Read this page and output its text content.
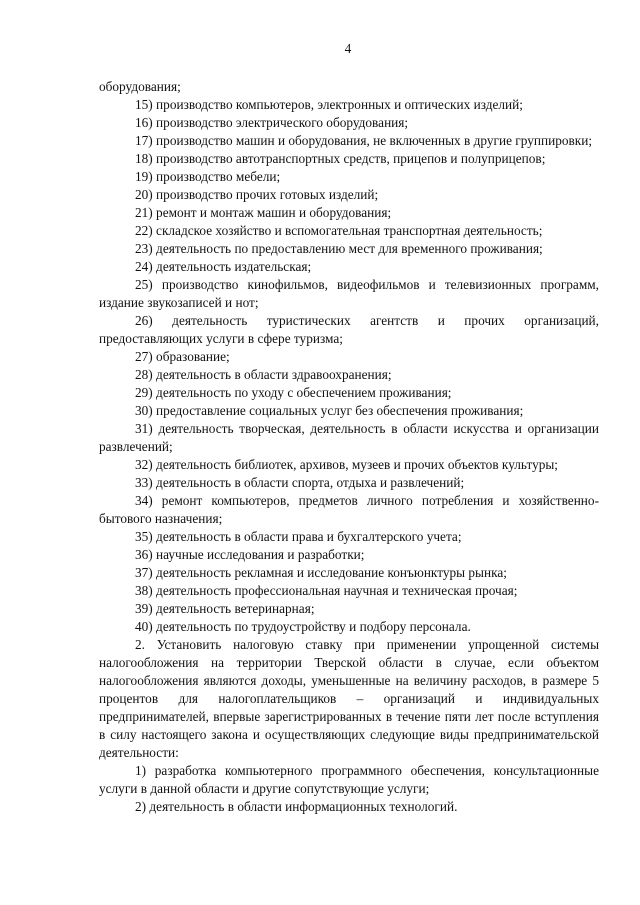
4

оборудования;

15) производство компьютеров, электронных и оптических изделий;

16) производство электрического оборудования;

17) производство машин и оборудования, не включенных в другие группировки;

18) производство автотранспортных средств, прицепов и полуприцепов;

19) производство мебели;

20) производство прочих готовых изделий;

21) ремонт и монтаж машин и оборудования;

22) складское хозяйство и вспомогательная транспортная деятельность;

23) деятельность по предоставлению мест для временного проживания;

24) деятельность издательская;

25) производство кинофильмов, видеофильмов и телевизионных программ, издание звукозаписей и нот;

26) деятельность туристических агентств и прочих организаций, предоставляющих услуги в сфере туризма;

27) образование;

28) деятельность в области здравоохранения;

29) деятельность по уходу с обеспечением проживания;

30) предоставление социальных услуг без обеспечения проживания;

31) деятельность творческая, деятельность в области искусства и организации развлечений;

32) деятельность библиотек, архивов, музеев и прочих объектов культуры;

33) деятельность в области спорта, отдыха и развлечений;

34) ремонт компьютеров, предметов личного потребления и хозяйственно-бытового назначения;

35) деятельность в области права и бухгалтерского учета;

36) научные исследования и разработки;

37) деятельность рекламная и исследование конъюнктуры рынка;

38) деятельность профессиональная научная и техническая прочая;

39) деятельность ветеринарная;

40) деятельность по трудоустройству и подбору персонала.

2. Установить налоговую ставку при применении упрощенной системы налогообложения на территории Тверской области в случае, если объектом налогообложения являются доходы, уменьшенные на величину расходов, в размере 5 процентов для налогоплательщиков – организаций и индивидуальных предпринимателей, впервые зарегистрированных в течение пяти лет после вступления в силу настоящего закона и осуществляющих следующие виды предпринимательской деятельности:

1) разработка компьютерного программного обеспечения, консультационные услуги в данной области и другие сопутствующие услуги;

2) деятельность в области информационных технологий.
